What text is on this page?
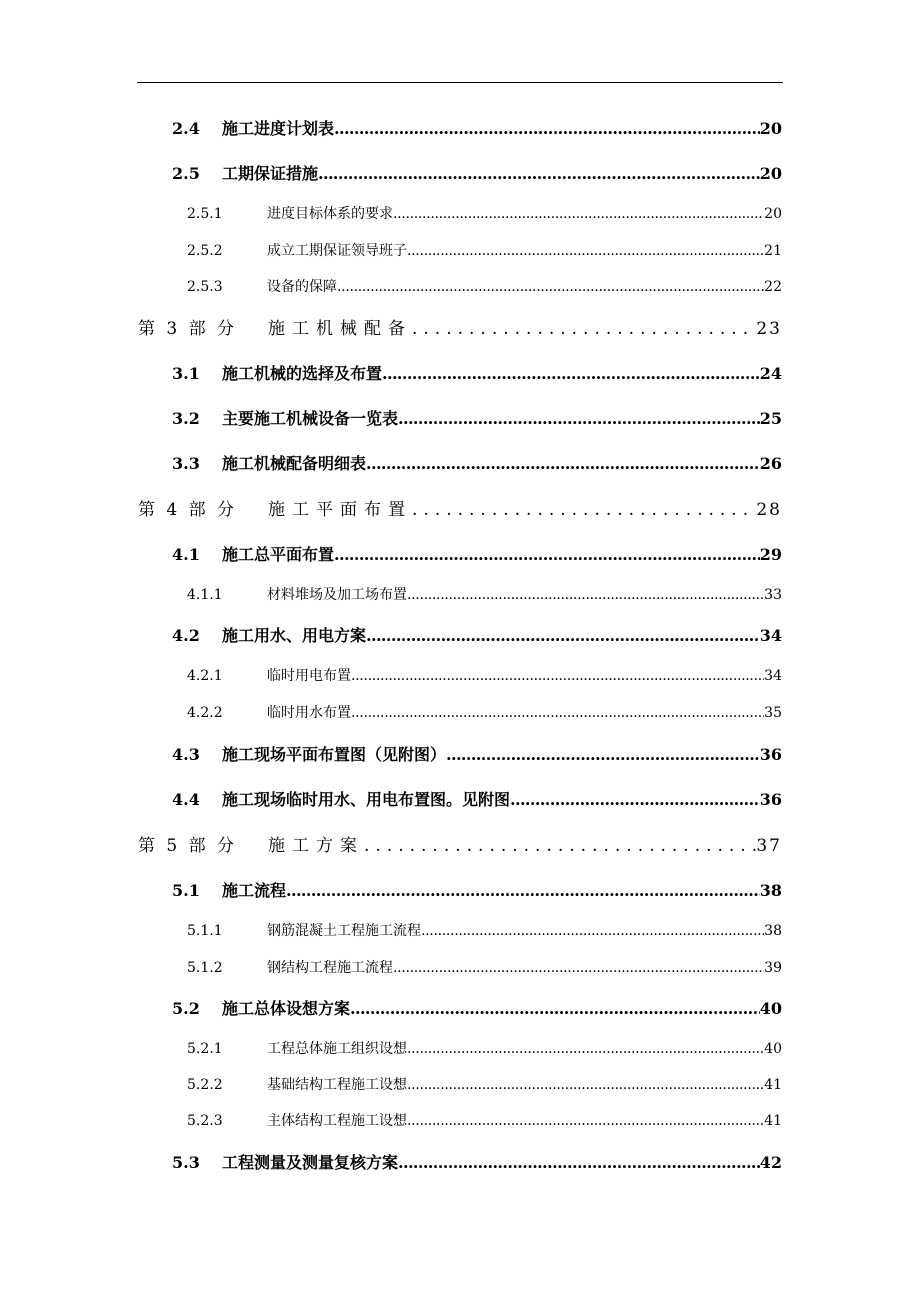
2.4	施工进度计划表 .....	20
2.5	工期保证措施 .....	20
2.5.1	进度目标体系的要求 .....	20
2.5.2	成立工期保证领导班子 .....	21
2.5.3	设备的保障 .....	22
第 3 部 分	施工机械配备 .....	23
3.1	施工机械的选择及布置 .....	24
3.2	主要施工机械设备一览表 .....	25
3.3	施工机械配备明细表 .....	26
第 4 部 分	施工平面布置 .....	28
4.1	施工总平面布置 .....	29
4.1.1	材料堆场及加工场布置 .....	33
4.2	施工用水、用电方案 .....	34
4.2.1	临时用电布置 .....	34
4.2.2	临时用水布置 .....	35
4.3	施工现场平面布置图（见附图） .....	36
4.4	施工现场临时用水、用电布置图。见附图 .....	36
第 5 部 分	施工方案 .....	37
5.1	施工流程 .....	38
5.1.1	钢筋混凝土工程施工流程 .....	38
5.1.2	钢结构工程施工流程 .....	39
5.2	施工总体设想方案 .....	40
5.2.1	工程总体施工组织设想 .....	40
5.2.2	基础结构工程施工设想 .....	41
5.2.3	主体结构工程施工设想 .....	41
5.3	工程测量及测量复核方案 .....	42
